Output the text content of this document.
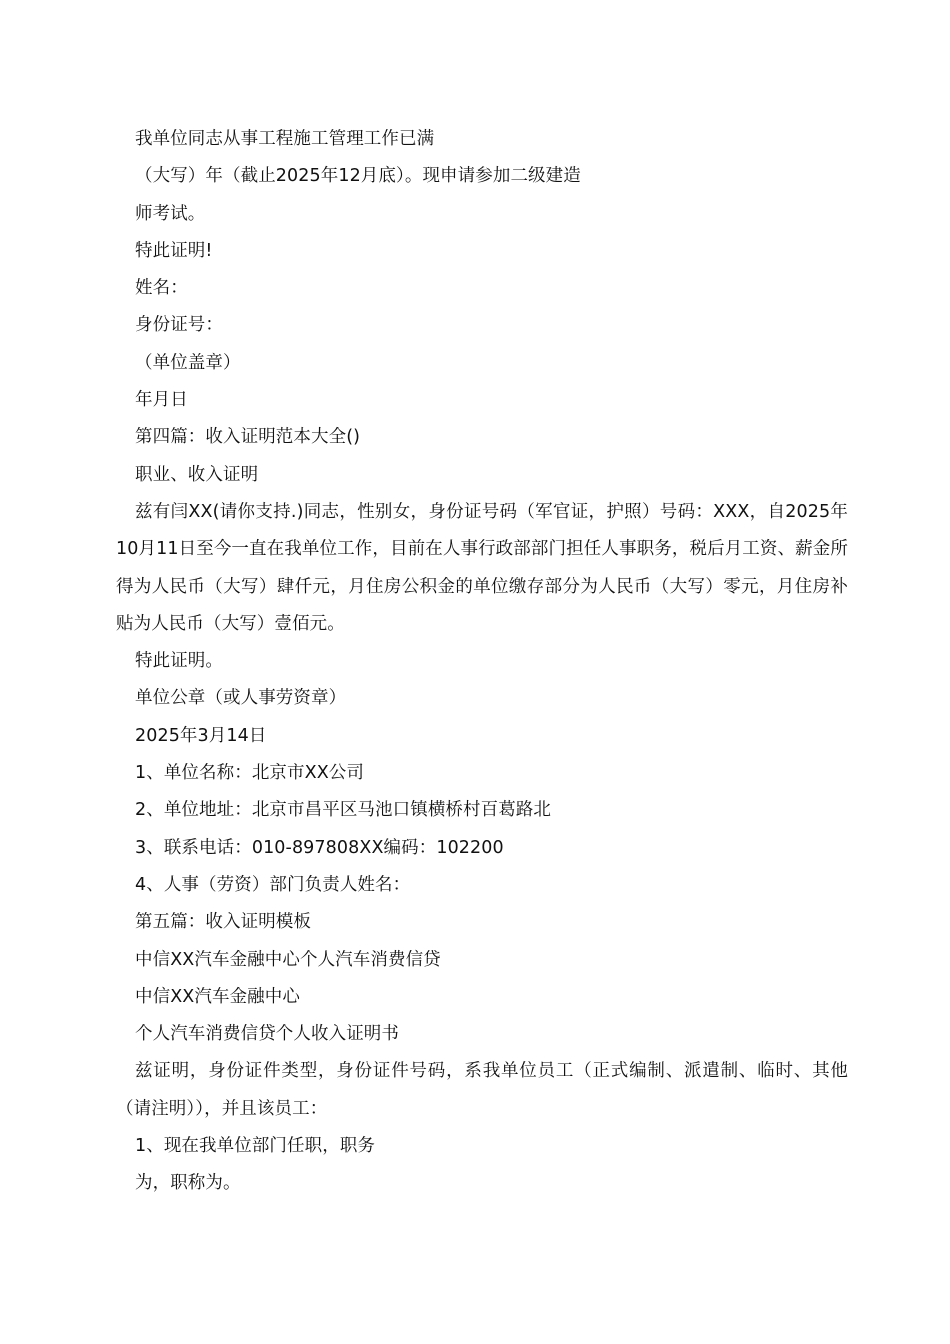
我单位同志从事工程施工管理工作已满

（大写）年（截止2025年12月底）。现申请参加二级建造

师考试。

特此证明!

姓名：

身份证号：

（单位盖章）

年月日

第四篇：收入证明范本大全()

职业、收入证明

兹有闫XX(请你支持.)同志，性别女，身份证号码（军官证，护照）号码：XXX，自2025年10月11日至今一直在我单位工作，目前在人事行政部部门担任人事职务，税后月工资、薪金所得为人民币（大写）肆仟元，月住房公积金的单位缴存部分为人民币（大写）零元，月住房补贴为人民币（大写）壹佰元。

特此证明。

单位公章（或人事劳资章）

2025年3月14日

1、单位名称：北京市XX公司

2、单位地址：北京市昌平区马池口镇横桥村百葛路北

3、联系电话：010-897808XX编码：102200

4、人事（劳资）部门负责人姓名：

第五篇：收入证明模板

中信XX汽车金融中心个人汽车消费信贷

中信XX汽车金融中心

个人汽车消费信贷个人收入证明书

兹证明，身份证件类型，身份证件号码，系我单位员工（正式编制、派遣制、临时、其他（请注明）），并且该员工：

1、现在我单位部门任职，职务

为，职称为。
